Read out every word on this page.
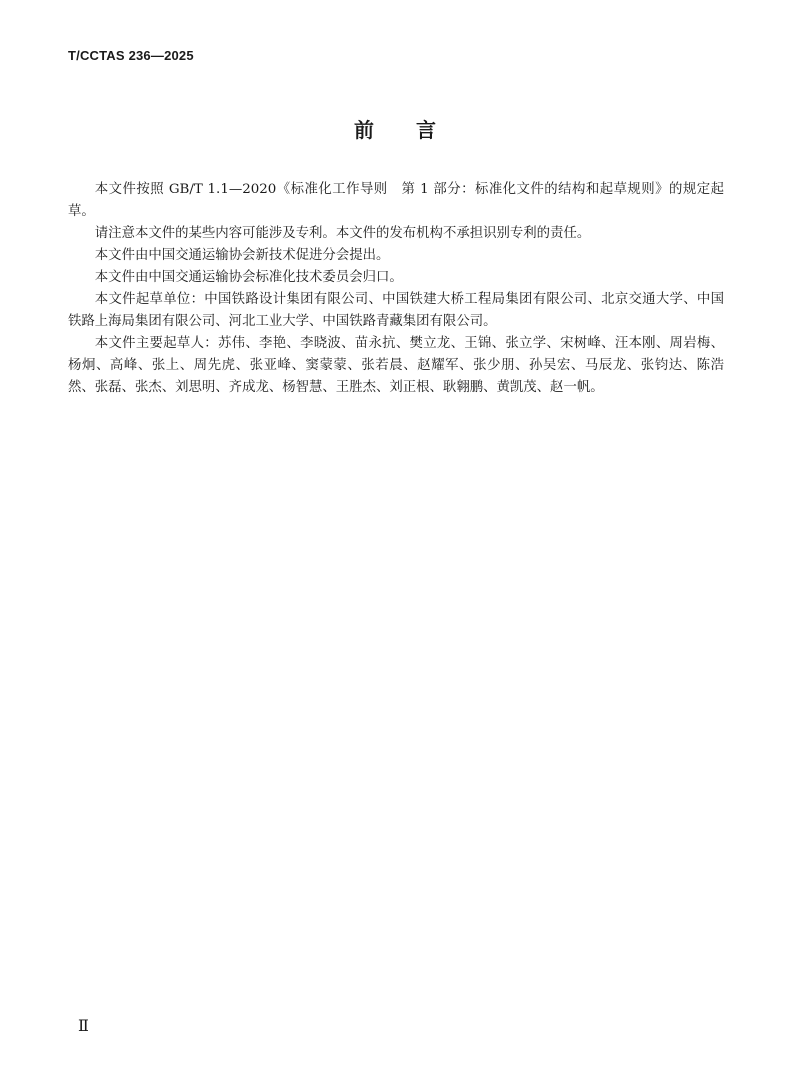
T/CCTAS 236—2025
前言

本文件按照 GB/T 1.1—2020《标准化工作导则　第 1 部分：标准化文件的结构和起草规则》的规定起草。

请注意本文件的某些内容可能涉及专利。本文件的发布机构不承担识别专利的责任。

本文件由中国交通运输协会新技术促进分会提出。

本文件由中国交通运输协会标准化技术委员会归口。

本文件起草单位：中国铁路设计集团有限公司、中国铁建大桥工程局集团有限公司、北京交通大学、中国铁路上海局集团有限公司、河北工业大学、中国铁路青藏集团有限公司。

本文件主要起草人：苏伟、李艳、李晓波、苗永抗、樊立龙、王锦、张立学、宋树峰、汪本刚、周岩梅、杨炯、高峰、张上、周先虎、张亚峰、窦蒙蒙、张若晨、赵耀军、张少朋、孙吴宏、马辰龙、张钧达、陈浩然、张磊、张杰、刘思明、齐成龙、杨智慧、王胜杰、刘正根、耿翱鹏、黄凯茂、赵一帆。

Ⅱ
